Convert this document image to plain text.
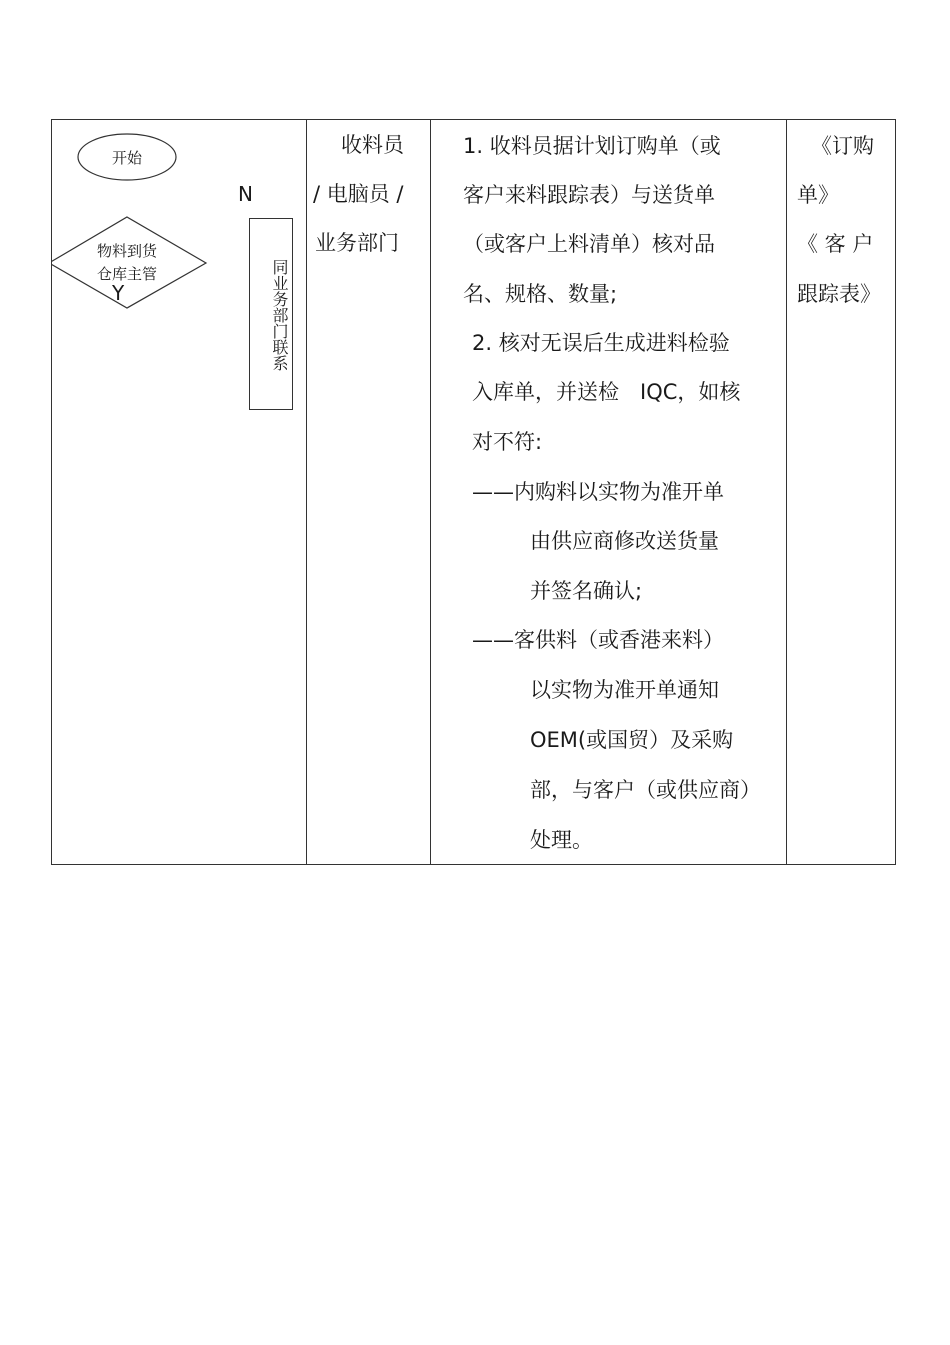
开始
物料到货
仓库主管
N
Y	同业务部门联系
收料员
/ 电脑员 /
业务部门
1. 收料员据计划订购单（或
客户来料跟踪表）与送货单
（或客户上料清单）核对品
名、规格、数量;
2. 核对无误后生成进料检验
入库单，并送检　IQC，如核
对不符:
——内购料以实物为准开单
由供应商修改送货量
并签名确认;
——客供料（或香港来料）
以实物为准开单通知
OEM(或国贸）及采购
部，与客户（或供应商）
处理。
《订购
单》
《 客 户
跟踪表》
